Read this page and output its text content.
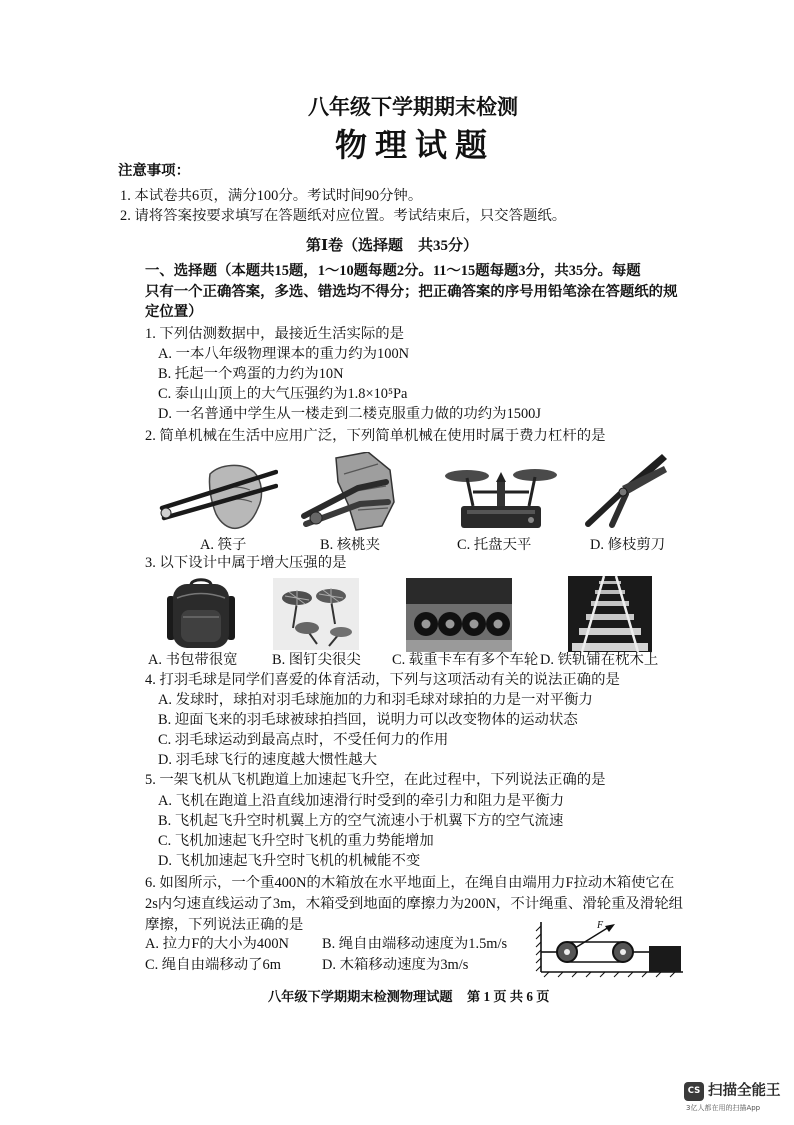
八年级下学期期末检测
物 理 试 题
注意事项：
1. 本试卷共6页，满分100分。考试时间90分钟。
2. 请将答案按要求填写在答题纸对应位置。考试结束后，只交答题纸。
第Ⅰ卷（选择题　共35分）
一、选择题（本题共15题，1～10题每题2分。11～15题每题3分，共35分。每题
只有一个正确答案，多选、错选均不得分；把正确答案的序号用铅笔涂在答题纸的规
定位置）
1. 下列估测数据中，最接近生活实际的是
A. 一本八年级物理课本的重力约为100N
B. 托起一个鸡蛋的力约为10N
C. 泰山山顶上的大气压强约为1.8×10⁵Pa
D. 一名普通中学生从一楼走到二楼克服重力做的功约为1500J
2. 简单机械在生活中应用广泛，下列简单机械在使用时属于费力杠杆的是
A. 筷子	B. 核桃夹	C. 托盘天平	D. 修枝剪刀
3. 以下设计中属于增大压强的是
A. 书包带很宽 B. 图钉尖很尖 C. 载重卡车有多个车轮 D. 铁轨铺在枕木上
4. 打羽毛球是同学们喜爱的体育活动，下列与这项活动有关的说法正确的是
A. 发球时，球拍对羽毛球施加的力和羽毛球对球拍的力是一对平衡力
B. 迎面飞来的羽毛球被球拍挡回，说明力可以改变物体的运动状态
C. 羽毛球运动到最高点时，不受任何力的作用
D. 羽毛球飞行的速度越大惯性越大
5. 一架飞机从飞机跑道上加速起飞升空，在此过程中，下列说法正确的是
A. 飞机在跑道上沿直线加速滑行时受到的牵引力和阻力是平衡力
B. 飞机起飞升空时机翼上方的空气流速小于机翼下方的空气流速
C. 飞机加速起飞升空时飞机的重力势能增加
D. 飞机加速起飞升空时飞机的机械能不变
6. 如图所示，一个重400N的木箱放在水平地面上，在绳自由端用力F拉动木箱使它在
2s内匀速直线运动了3m，木箱受到地面的摩擦力为200N，不计绳重、滑轮重及滑轮组
摩擦，下列说法正确的是
A. 拉力F的大小为400N B. 绳自由端移动速度为1.5m/s
C. 绳自由端移动了6m	D. 木箱移动速度为3m/s
F
八年级下学期期末检测物理试题 第 1 页 共 6 页
CS 扫描全能王
3亿人都在用的扫描App
